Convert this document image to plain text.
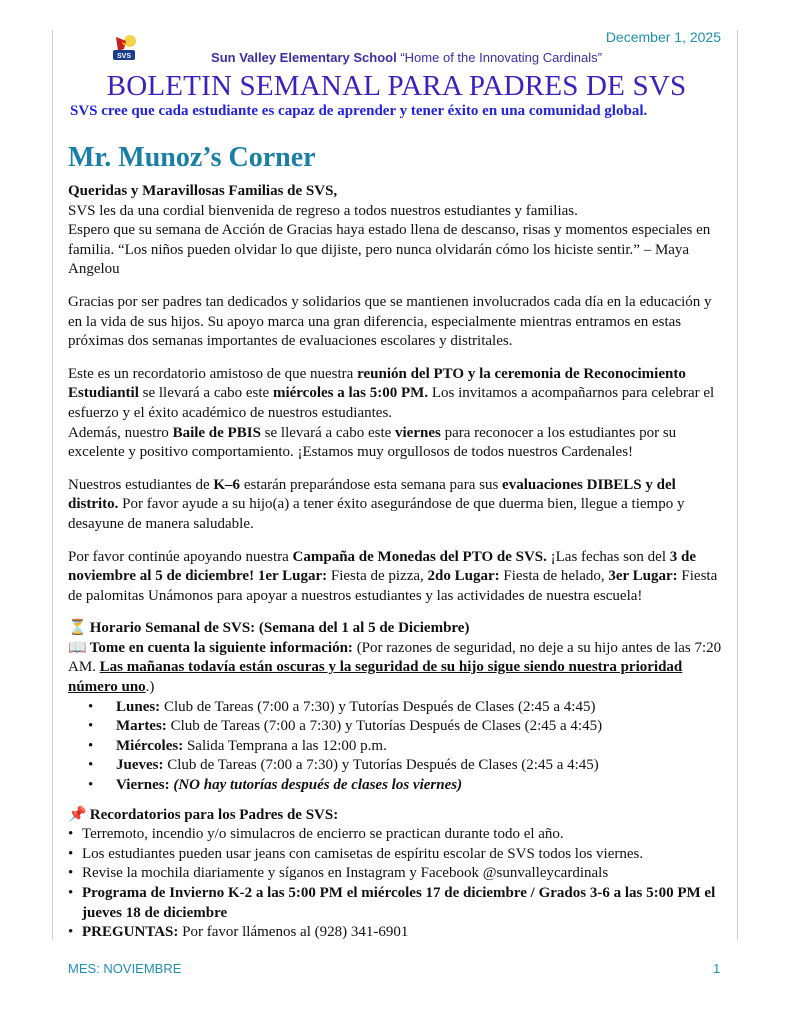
December 1, 2025
SVS	Sun Valley Elementary School “Home of the Innovating Cardinals”
BOLETIN SEMANAL PARA PADRES DE SVS
SVS cree que cada estudiante es capaz de aprender y tener éxito en una comunidad global.
Mr. Munoz’s Corner

Queridas y Maravillosas Familias de SVS,
SVS les da una cordial bienvenida de regreso a todos nuestros estudiantes y familias.
Espero que su semana de Acción de Gracias haya estado llena de descanso, risas y momentos especiales en familia. “Los niños pueden olvidar lo que dijiste, pero nunca olvidarán cómo los hiciste sentir.” – Maya Angelou

Gracias por ser padres tan dedicados y solidarios que se mantienen involucrados cada día en la educación y en la vida de sus hijos. Su apoyo marca una gran diferencia, especialmente mientras entramos en estas próximas dos semanas importantes de evaluaciones escolares y distritales.

Este es un recordatorio amistoso de que nuestra reunión del PTO y la ceremonia de Reconocimiento Estudiantil se llevará a cabo este miércoles a las 5:00 PM. Los invitamos a acompañarnos para celebrar el esfuerzo y el éxito académico de nuestros estudiantes.
Además, nuestro Baile de PBIS se llevará a cabo este viernes para reconocer a los estudiantes por su excelente y positivo comportamiento. ¡Estamos muy orgullosos de todos nuestros Cardenales!

Nuestros estudiantes de K–6 estarán preparándose esta semana para sus evaluaciones DIBELS y del distrito. Por favor ayude a su hijo(a) a tener éxito asegurándose de que duerma bien, llegue a tiempo y desayune de manera saludable.

Por favor continúe apoyando nuestra Campaña de Monedas del PTO de SVS. ¡Las fechas son del 3 de noviembre al 5 de diciembre! 1er Lugar: Fiesta de pizza, 2do Lugar: Fiesta de helado, 3er Lugar: Fiesta de palomitas Unámonos para apoyar a nuestros estudiantes y las actividades de nuestra escuela!

⏳ Horario Semanal de SVS: (Semana del 1 al 5 de Diciembre)
📖 Tome en cuenta la siguiente información: (Por razones de seguridad, no deje a su hijo antes de las 7:20 AM. Las mañanas todavía están oscuras y la seguridad de su hijo sigue siendo nuestra prioridad número uno.)
• Lunes: Club de Tareas (7:00 a 7:30) y Tutorías Después de Clases (2:45 a 4:45)
• Martes: Club de Tareas (7:00 a 7:30) y Tutorías Después de Clases (2:45 a 4:45)
• Miércoles: Salida Temprana a las 12:00 p.m.
• Jueves: Club de Tareas (7:00 a 7:30) y Tutorías Después de Clases (2:45 a 4:45)
• Viernes: (NO hay tutorías después de clases los viernes)
📌 Recordatorios para los Padres de SVS:
• Terremoto, incendio y/o simulacros de encierro se practican durante todo el año.
• Los estudiantes pueden usar jeans con camisetas de espíritu escolar de SVS todos los viernes.
• Revise la mochila diariamente y síganos en Instagram y Facebook @sunvalleycardinals
• Programa de Invierno K-2 a las 5:00 PM el miércoles 17 de diciembre / Grados 3-6 a las 5:00 PM el jueves 18 de diciembre
• PREGUNTAS: Por favor llámenos al (928) 341-6901
MES: NOVIEMBRE	1
